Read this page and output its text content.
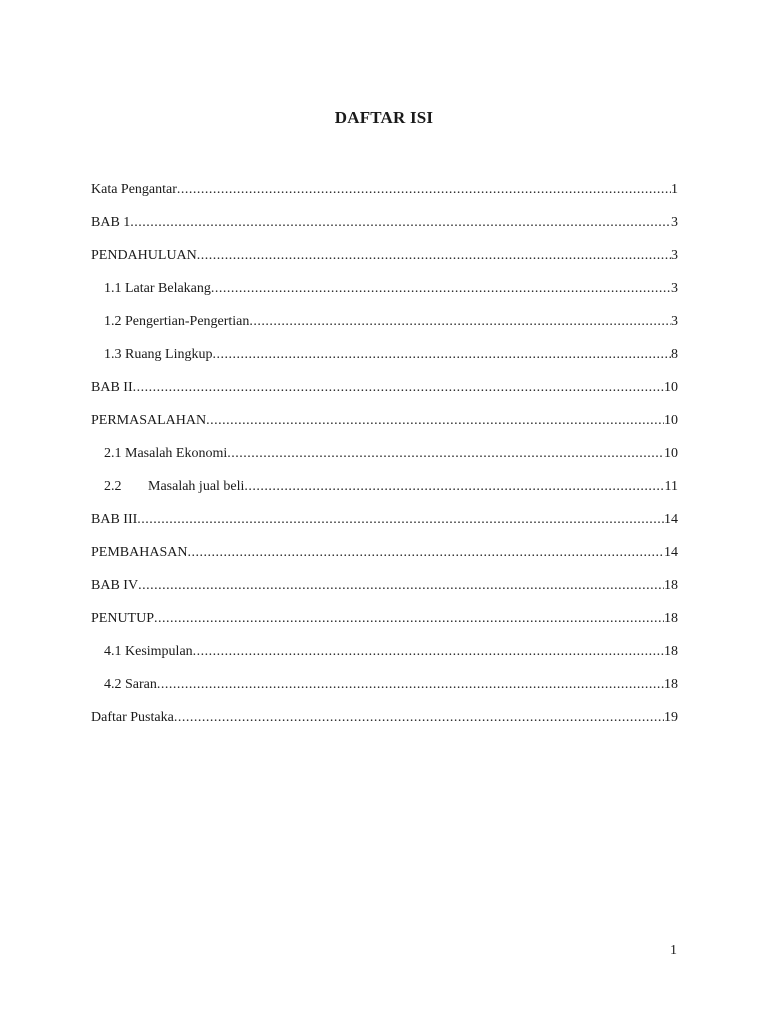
DAFTAR ISI
Kata Pengantar .....	1
BAB 1 .....	3
PENDAHULUAN .....	3
1.1 Latar Belakang .....	3
1.2 Pengertian-Pengertian .....	3
1.3 Ruang Lingkup .....	8
BAB II .....	10
PERMASALAHAN .....	10
2.1 Masalah Ekonomi .....	10
2.2 Masalah jual beli .....	11
BAB III .....	14
PEMBAHASAN .....	14
BAB IV .....	18
PENUTUP .....	18
4.1 Kesimpulan .....	18
4.2 Saran .....	18
Daftar Pustaka .....	19
1
